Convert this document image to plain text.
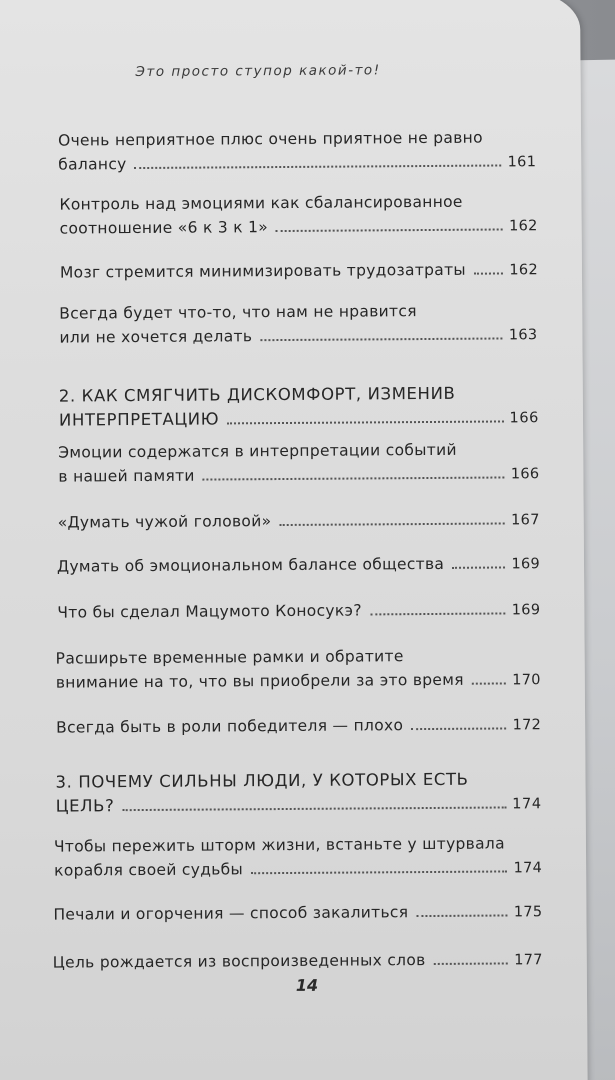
Это просто ступор какой-то!
Очень неприятное плюс очень приятное не равно
балансу	161
Контроль над эмоциями как сбалансированное
соотношение «6 к 3 к 1»	162
Мозг стремится минимизировать трудозатраты	162
Всегда будет что-то, что нам не нравится
или не хочется делать	163
2. КАК СМЯГЧИТЬ ДИСКОМФОРТ, ИЗМЕНИВ
ИНТЕРПРЕТАЦИЮ	166
Эмоции содержатся в интерпретации событий
в нашей памяти	166
«Думать чужой головой»	167
Думать об эмоциональном балансе общества	169
Что бы сделал Мацумото Коносукэ?	169
Расширьте временные рамки и обратите
внимание на то, что вы приобрели за это время	170
Всегда быть в роли победителя — плохо	172
3. ПОЧЕМУ СИЛЬНЫ ЛЮДИ, У КОТОРЫХ ЕСТЬ
ЦЕЛЬ?	174
Чтобы пережить шторм жизни, встаньте у штурвала
корабля своей судьбы	174
Печали и огорчения — способ закалиться	175
Цель рождается из воспроизведенных слов	177
14
